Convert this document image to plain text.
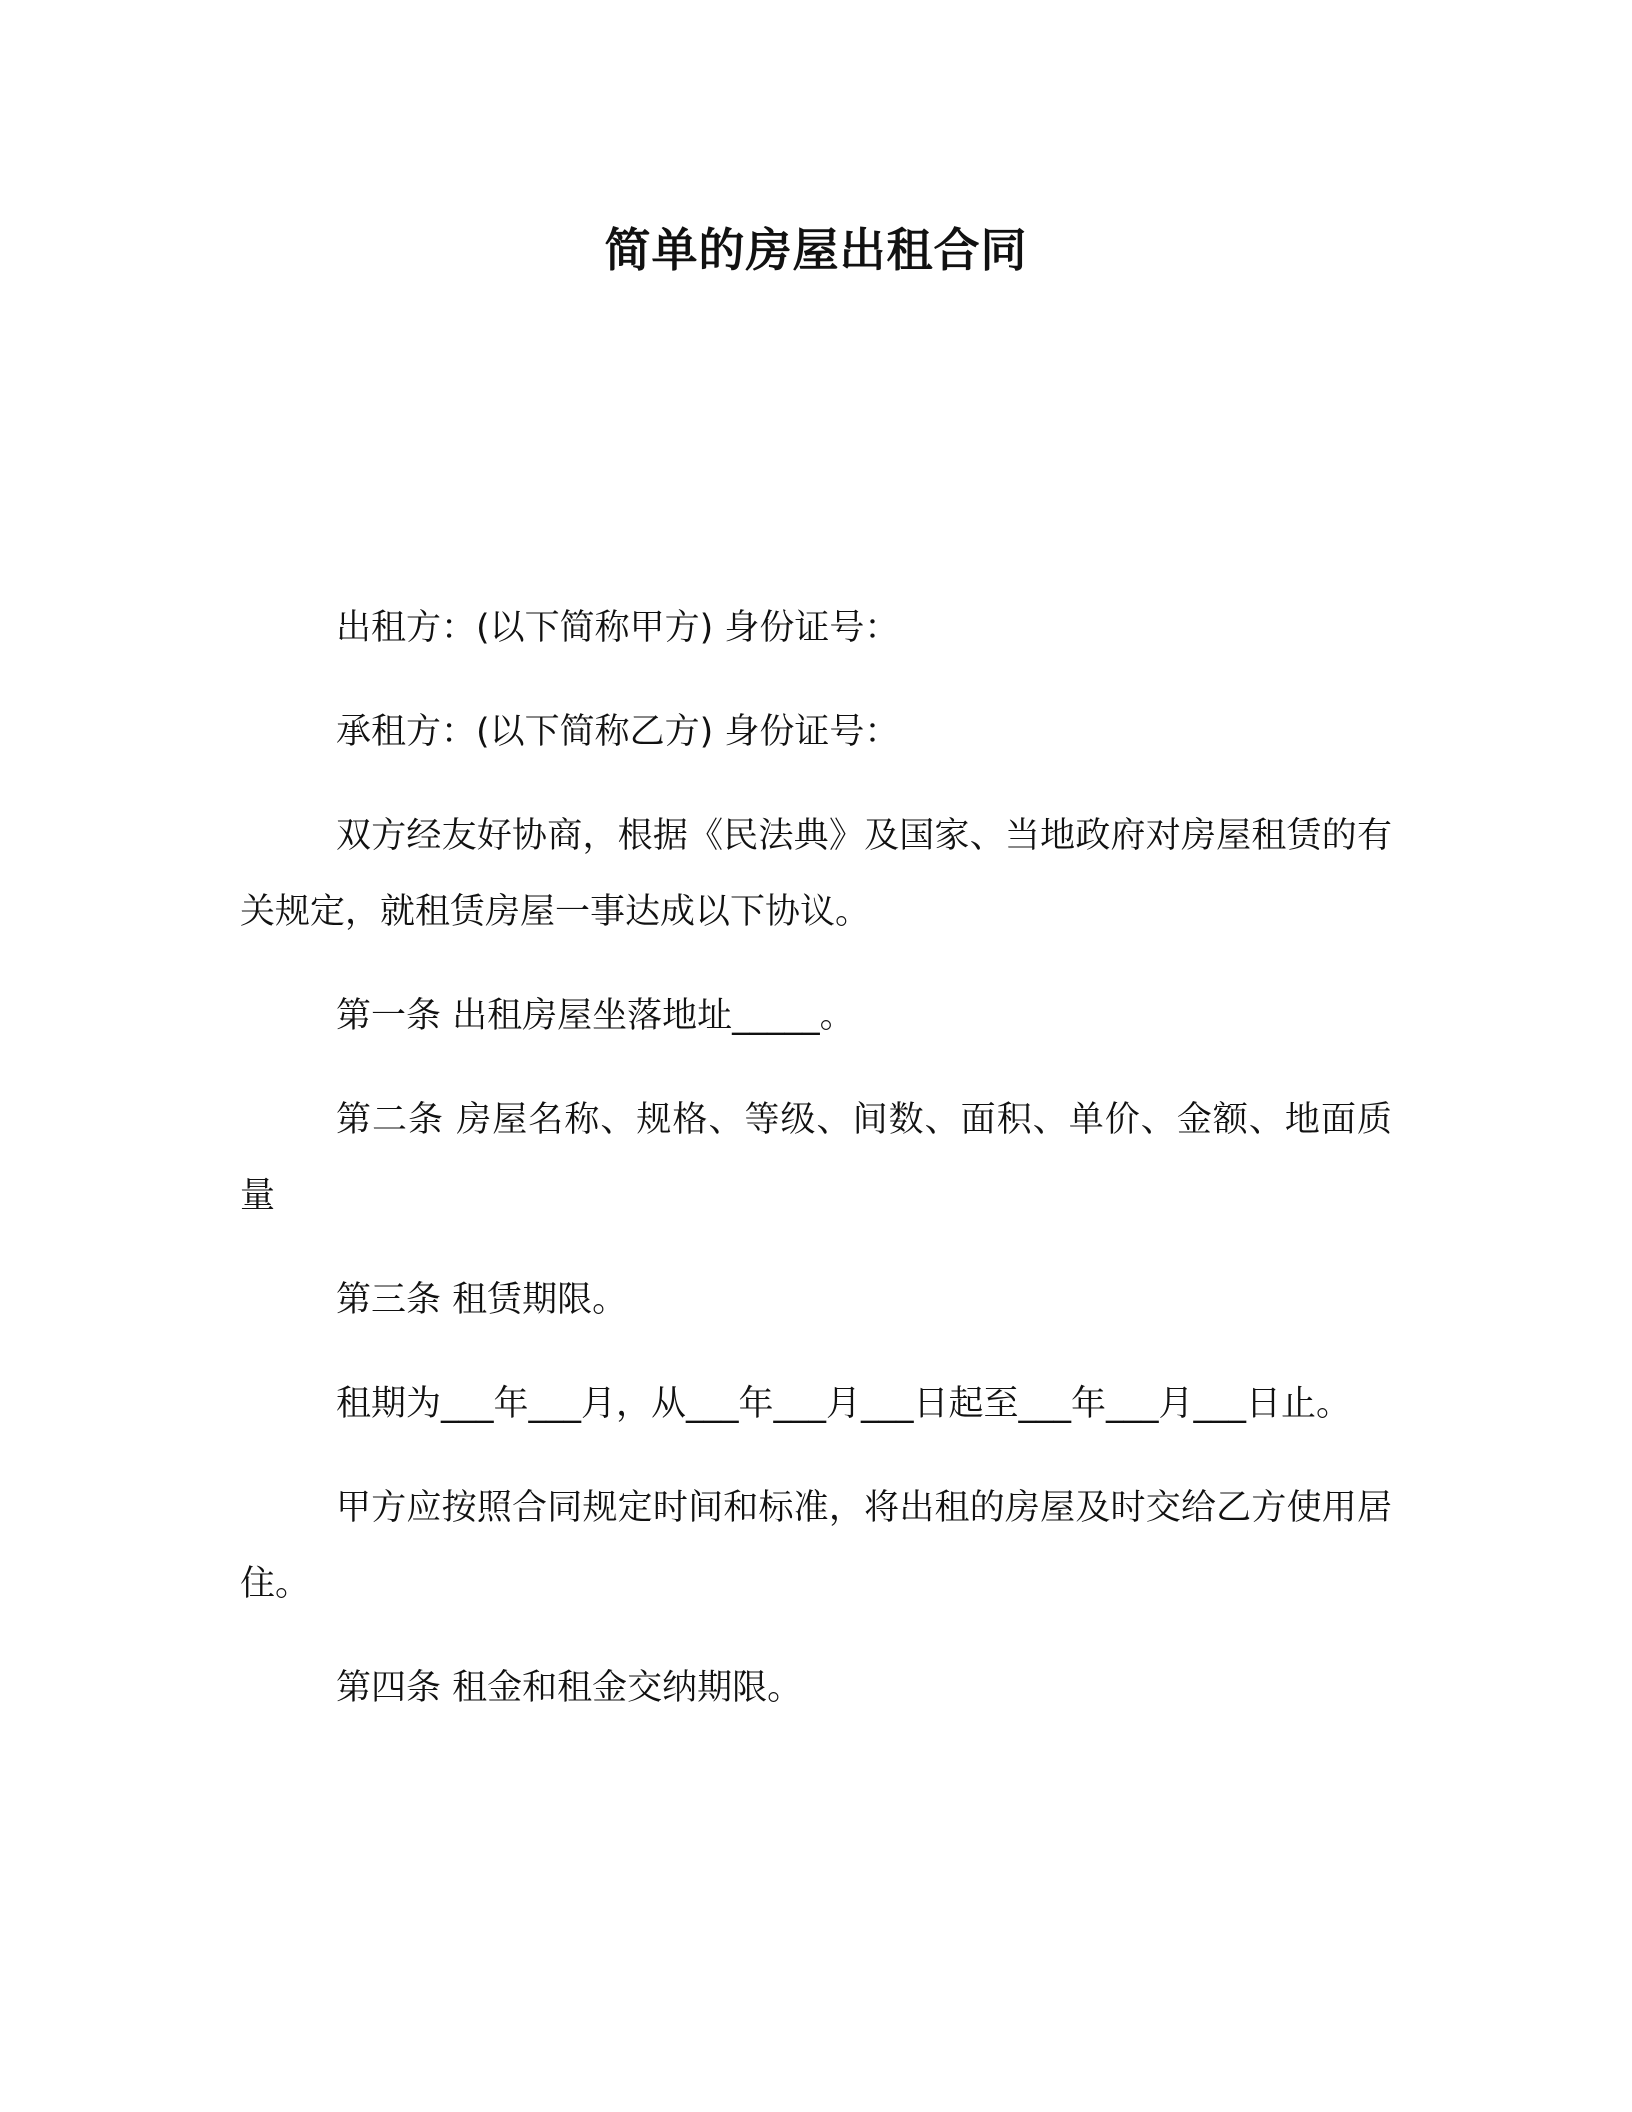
简单的房屋出租合同

出租方：(以下简称甲方) 身份证号：

承租方：(以下简称乙方) 身份证号：

双方经友好协商，根据《民法典》及国家、当地政府对房屋租赁的有关规定，就租赁房屋一事达成以下协议。

第一条 出租房屋坐落地址_____。

第二条 房屋名称、规格、等级、间数、面积、单价、金额、地面质量

第三条 租赁期限。

租期为___年___月，从___年___月___日起至___年___月___日止。

甲方应按照合同规定时间和标准，将出租的房屋及时交给乙方使用居住。

第四条 租金和租金交纳期限。
